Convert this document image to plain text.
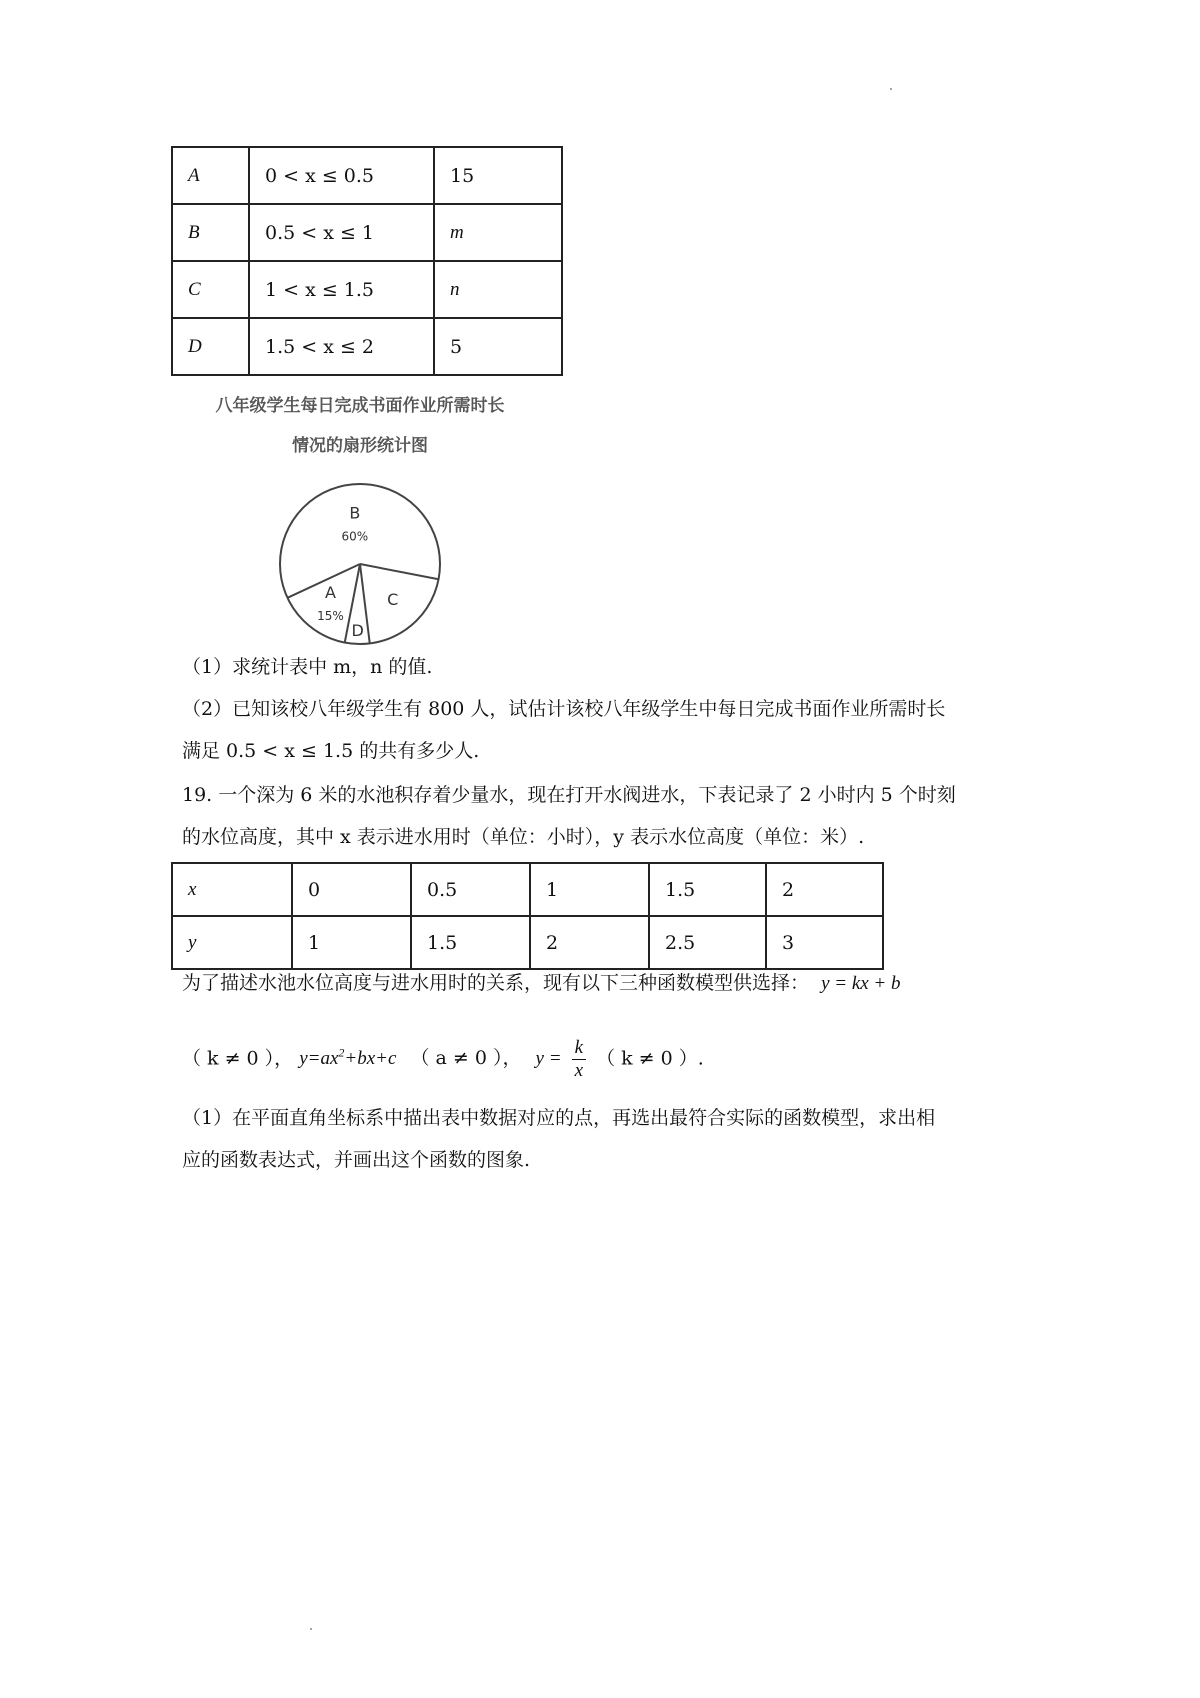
A	0 < x ≤ 0.5	15
B	0.5 < x ≤ 1	m
C	1 < x ≤ 1.5	n
D	1.5 < x ≤ 2	5
八年级学生每日完成书面作业所需时长
情况的扇形统计图
B
60%
C
D
A
15%
（1）求统计表中 m，n 的值.
（2）已知该校八年级学生有 800 人，试估计该校八年级学生中每日完成书面作业所需时长
满足 0.5 < x ≤ 1.5 的共有多少人.
19. 一个深为 6 米的水池积存着少量水，现在打开水阀进水，下表记录了 2 小时内 5 个时刻
的水位高度，其中 x 表示进水用时（单位：小时），y 表示水位高度（单位：米）.
x	0	0.5	1	1.5	2
y	1	1.5	2	2.5	3
为了描述水池水位高度与进水用时的关系，现有以下三种函数模型供选择： y = kx + b
（ k ≠ 0 ）， $y=ax^2+bx+c$ （ a ≠ 0 ）， $y = \frac{k}{x}$ （ k ≠ 0 ）.
（1）在平面直角坐标系中描出表中数据对应的点，再选出最符合实际的函数模型，求出相
应的函数表达式，并画出这个函数的图象.
